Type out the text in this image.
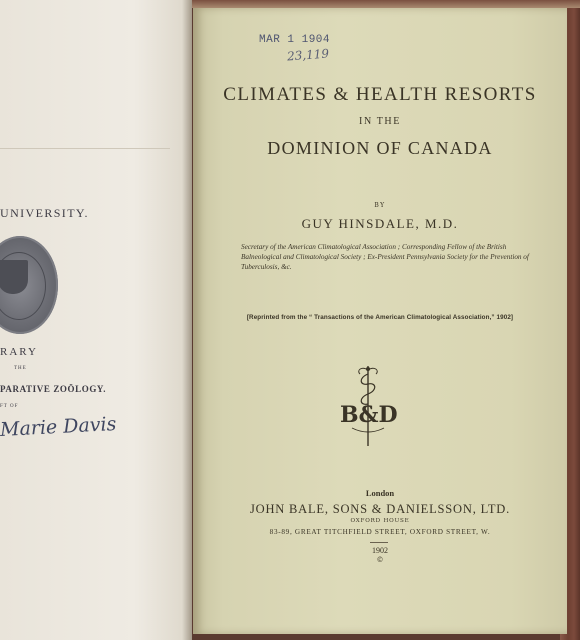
UNIVERSITY.
RARY
THE
PARATIVE ZOÖLOGY.
FT OF
Marie Davis
MAR 1 1904
23,119
CLIMATES & HEALTH RESORTS
IN THE
DOMINION OF CANADA
BY
GUY HINSDALE, M.D.
Secretary of the American Climatological Association ; Corresponding Fellow of the British Balneological and Climatological Society ; Ex-President Pennsylvania Society for the Prevention of Tuberculosis, &c.
[Reprinted from the “ Transactions of the American Climatological Association,” 1902]
B&D
London
JOHN BALE, SONS & DANIELSSON, LTD.
OXFORD HOUSE
83-89, GREAT TITCHFIELD STREET, OXFORD STREET, W.
1902
©
